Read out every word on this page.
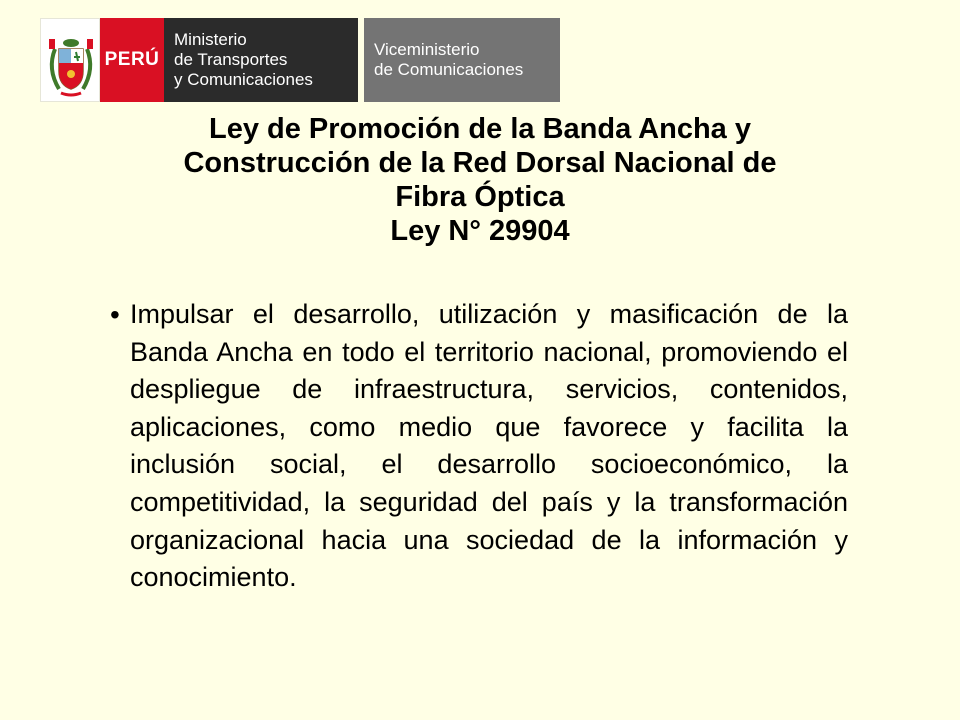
PERÚ
Ministerio
de Transportes
y Comunicaciones
Viceministerio
de Comunicaciones
Ley de Promoción de la Banda Ancha y
Construcción de la Red Dorsal Nacional de
Fibra Óptica
Ley N° 29904
• Impulsar el desarrollo, utilización y masificación de la Banda Ancha en todo el territorio nacional, promoviendo el despliegue de infraestructura, servicios, contenidos, aplicaciones, como medio que favorece y facilita la inclusión social, el desarrollo socioeconómico, la competitividad, la seguridad del país y la transformación organizacional hacia una sociedad de la información y conocimiento.
